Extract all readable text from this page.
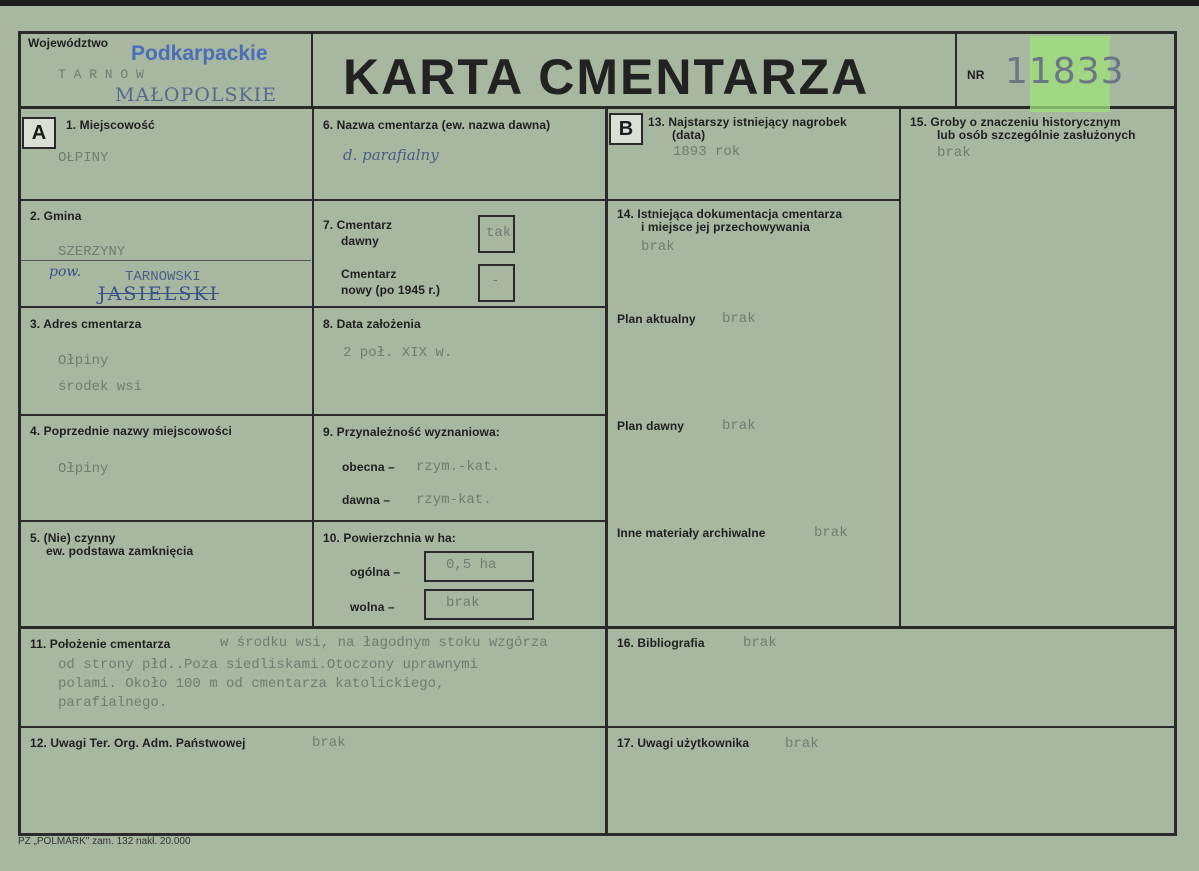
Województwo Podkarpackie
T A R N O W
MAŁOPOLSKIE KARTA CMENTARZA	NR 11833
A	B
1. Miejscowość
OŁPINY
2. Gmina
SZERZYNY
pow.	TARNOWSKI
JASIELSKI
3. Adres cmentarza
Ołpiny
środek wsi
4. Poprzednie nazwy miejscowości
Ołpiny
5. (Nie) czynny
ew. podstawa zamknięcia
6. Nazwa cmentarza (ew. nazwa dawna)
d. parafialny
7. Cmentarz
dawny	tak
Cmentarz
nowy (po 1945 r.)
-
8. Data założenia
2 poł. XIX w.
9. Przynależność wyznaniowa:
obecna – rzym.-kat.
dawna – rzym-kat.
10. Powierzchnia w ha:
ogólna –	0,5 ha
wolna –	brak
13. Najstarszy istniejący nagrobek
(data)
1893 rok
14. Istniejąca dokumentacja cmentarza
i miejsce jej przechowywania
brak
Plan aktualny brak
Plan dawny	brak
Inne materiały archiwalne	brak
15. Groby o znaczeniu historycznym
lub osób szczególnie zasłużonych
brak
11. Położenie cmentarza	w środku wsi, na łagodnym stoku wzgórza
od strony płd..Poza siedliskami.Otoczony uprawnymi
polami. Około 100 m od cmentarza katolickiego,
parafialnego.
16. Bibliografia	brak
12. Uwagi Ter. Org. Adm. Państwowej	brak	17. Uwagi użytkownika	brak
PZ „POLMARK" zam. 132 nakł. 20.000
